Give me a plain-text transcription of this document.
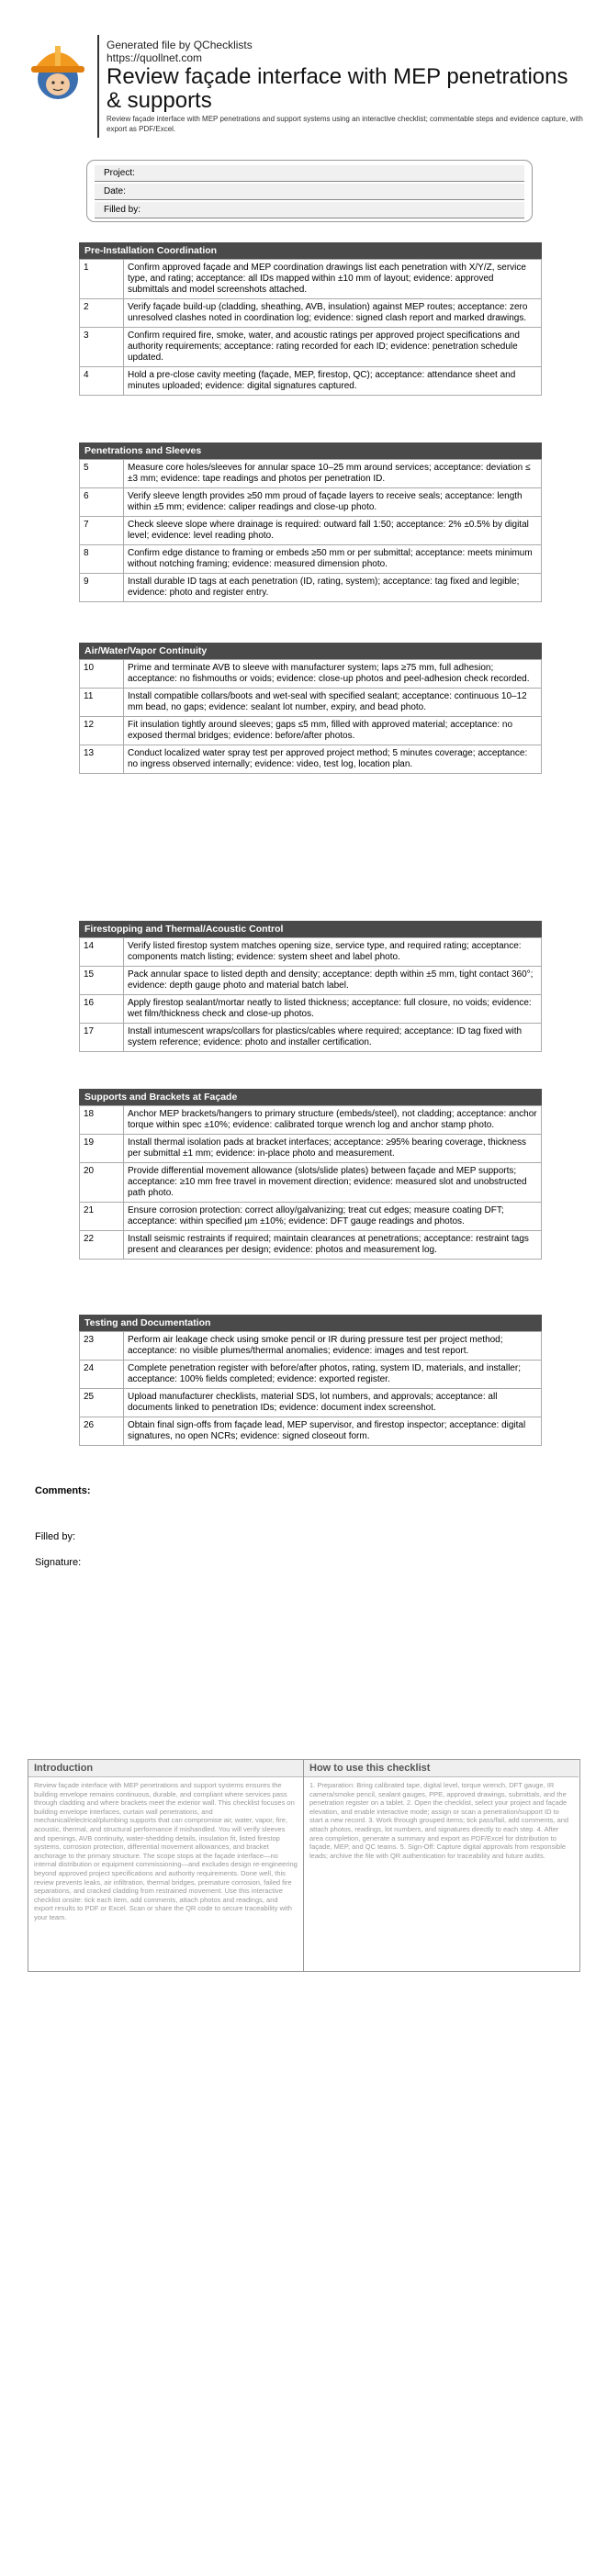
Generated file by QChecklists
https://quollnet.com
Review façade interface with MEP penetrations & supports
Review façade interface with MEP penetrations and support systems using an interactive checklist; commentable steps and evidence capture, with export as PDF/Excel.
Project:
Date:
Filled by:
Pre-Installation Coordination
1	Confirm approved façade and MEP coordination drawings list each penetration with X/Y/Z, service type, and rating; acceptance: all IDs mapped within ±10 mm of layout; evidence: approved submittals and model screenshots attached.
2	Verify façade build-up (cladding, sheathing, AVB, insulation) against MEP routes; acceptance: zero unresolved clashes noted in coordination log; evidence: signed clash report and marked drawings.
3	Confirm required fire, smoke, water, and acoustic ratings per approved project specifications and authority requirements; acceptance: rating recorded for each ID; evidence: penetration schedule updated.
4	Hold a pre-close cavity meeting (façade, MEP, firestop, QC); acceptance: attendance sheet and minutes uploaded; evidence: digital signatures captured.
Penetrations and Sleeves
5	Measure core holes/sleeves for annular space 10–25 mm around services; acceptance: deviation ≤ ±3 mm; evidence: tape readings and photos per penetration ID.
6	Verify sleeve length provides ≥50 mm proud of façade layers to receive seals; acceptance: length within ±5 mm; evidence: caliper readings and close-up photo.
7	Check sleeve slope where drainage is required: outward fall 1:50; acceptance: 2% ±0.5% by digital level; evidence: level reading photo.
8	Confirm edge distance to framing or embeds ≥50 mm or per submittal; acceptance: meets minimum without notching framing; evidence: measured dimension photo.
9	Install durable ID tags at each penetration (ID, rating, system); acceptance: tag fixed and legible; evidence: photo and register entry.
Air/Water/Vapor Continuity
10	Prime and terminate AVB to sleeve with manufacturer system; laps ≥75 mm, full adhesion; acceptance: no fishmouths or voids; evidence: close-up photos and peel-adhesion check recorded.
11	Install compatible collars/boots and wet-seal with specified sealant; acceptance: continuous 10–12 mm bead, no gaps; evidence: sealant lot number, expiry, and bead photo.
12	Fit insulation tightly around sleeves; gaps ≤5 mm, filled with approved material; acceptance: no exposed thermal bridges; evidence: before/after photos.
13	Conduct localized water spray test per approved project method; 5 minutes coverage; acceptance: no ingress observed internally; evidence: video, test log, location plan.
Firestopping and Thermal/Acoustic Control
14	Verify listed firestop system matches opening size, service type, and required rating; acceptance: components match listing; evidence: system sheet and label photo.
15	Pack annular space to listed depth and density; acceptance: depth within ±5 mm, tight contact 360°; evidence: depth gauge photo and material batch label.
16	Apply firestop sealant/mortar neatly to listed thickness; acceptance: full closure, no voids; evidence: wet film/thickness check and close-up photos.
17	Install intumescent wraps/collars for plastics/cables where required; acceptance: ID tag fixed with system reference; evidence: photo and installer certification.
Supports and Brackets at Façade
18	Anchor MEP brackets/hangers to primary structure (embeds/steel), not cladding; acceptance: anchor torque within spec ±10%; evidence: calibrated torque wrench log and anchor stamp photo.
19	Install thermal isolation pads at bracket interfaces; acceptance: ≥95% bearing coverage, thickness per submittal ±1 mm; evidence: in-place photo and measurement.
20	Provide differential movement allowance (slots/slide plates) between façade and MEP supports; acceptance: ≥10 mm free travel in movement direction; evidence: measured slot and unobstructed path photo.
21	Ensure corrosion protection: correct alloy/galvanizing; treat cut edges; measure coating DFT; acceptance: within specified µm ±10%; evidence: DFT gauge readings and photos.
22	Install seismic restraints if required; maintain clearances at penetrations; acceptance: restraint tags present and clearances per design; evidence: photos and measurement log.
Testing and Documentation
23	Perform air leakage check using smoke pencil or IR during pressure test per project method; acceptance: no visible plumes/thermal anomalies; evidence: images and test report.
24	Complete penetration register with before/after photos, rating, system ID, materials, and installer; acceptance: 100% fields completed; evidence: exported register.
25	Upload manufacturer checklists, material SDS, lot numbers, and approvals; acceptance: all documents linked to penetration IDs; evidence: document index screenshot.
26	Obtain final sign-offs from façade lead, MEP supervisor, and firestop inspector; acceptance: digital signatures, no open NCRs; evidence: signed closeout form.
Comments:
Filled by:
Signature:
Introduction
Review façade interface with MEP penetrations and support systems ensures the building envelope remains continuous, durable, and compliant where services pass through cladding and where brackets meet the exterior wall. This checklist focuses on building envelope interfaces, curtain wall penetrations, and mechanical/electrical/plumbing supports that can compromise air, water, vapor, fire, acoustic, thermal, and structural performance if mishandled. You will verify sleeves and openings, AVB continuity, water-shedding details, insulation fit, listed firestop systems, corrosion protection, differential movement allowances, and bracket anchorage to the primary structure. The scope stops at the façade interface—no internal distribution or equipment commissioning—and excludes design re-engineering beyond approved project specifications and authority requirements. Done well, this review prevents leaks, air infiltration, thermal bridges, premature corrosion, failed fire separations, and cracked cladding from restrained movement. Use this interactive checklist onsite: tick each item, add comments, attach photos and readings, and export results to PDF or Excel. Scan or share the QR code to secure traceability with your team.
How to use this checklist
1. Preparation: Bring calibrated tape, digital level, torque wrench, DFT gauge, IR camera/smoke pencil, sealant gauges, PPE, approved drawings, submittals, and the penetration register on a tablet. 2. Open the checklist, select your project and façade elevation, and enable interactive mode; assign or scan a penetration/support ID to start a new record. 3. Work through grouped items; tick pass/fail, add comments, and attach photos, readings, lot numbers, and signatures directly to each step. 4. After area completion, generate a summary and export as PDF/Excel for distribution to façade, MEP, and QC teams. 5. Sign-Off: Capture digital approvals from responsible leads; archive the file with QR authentication for traceability and future audits.
